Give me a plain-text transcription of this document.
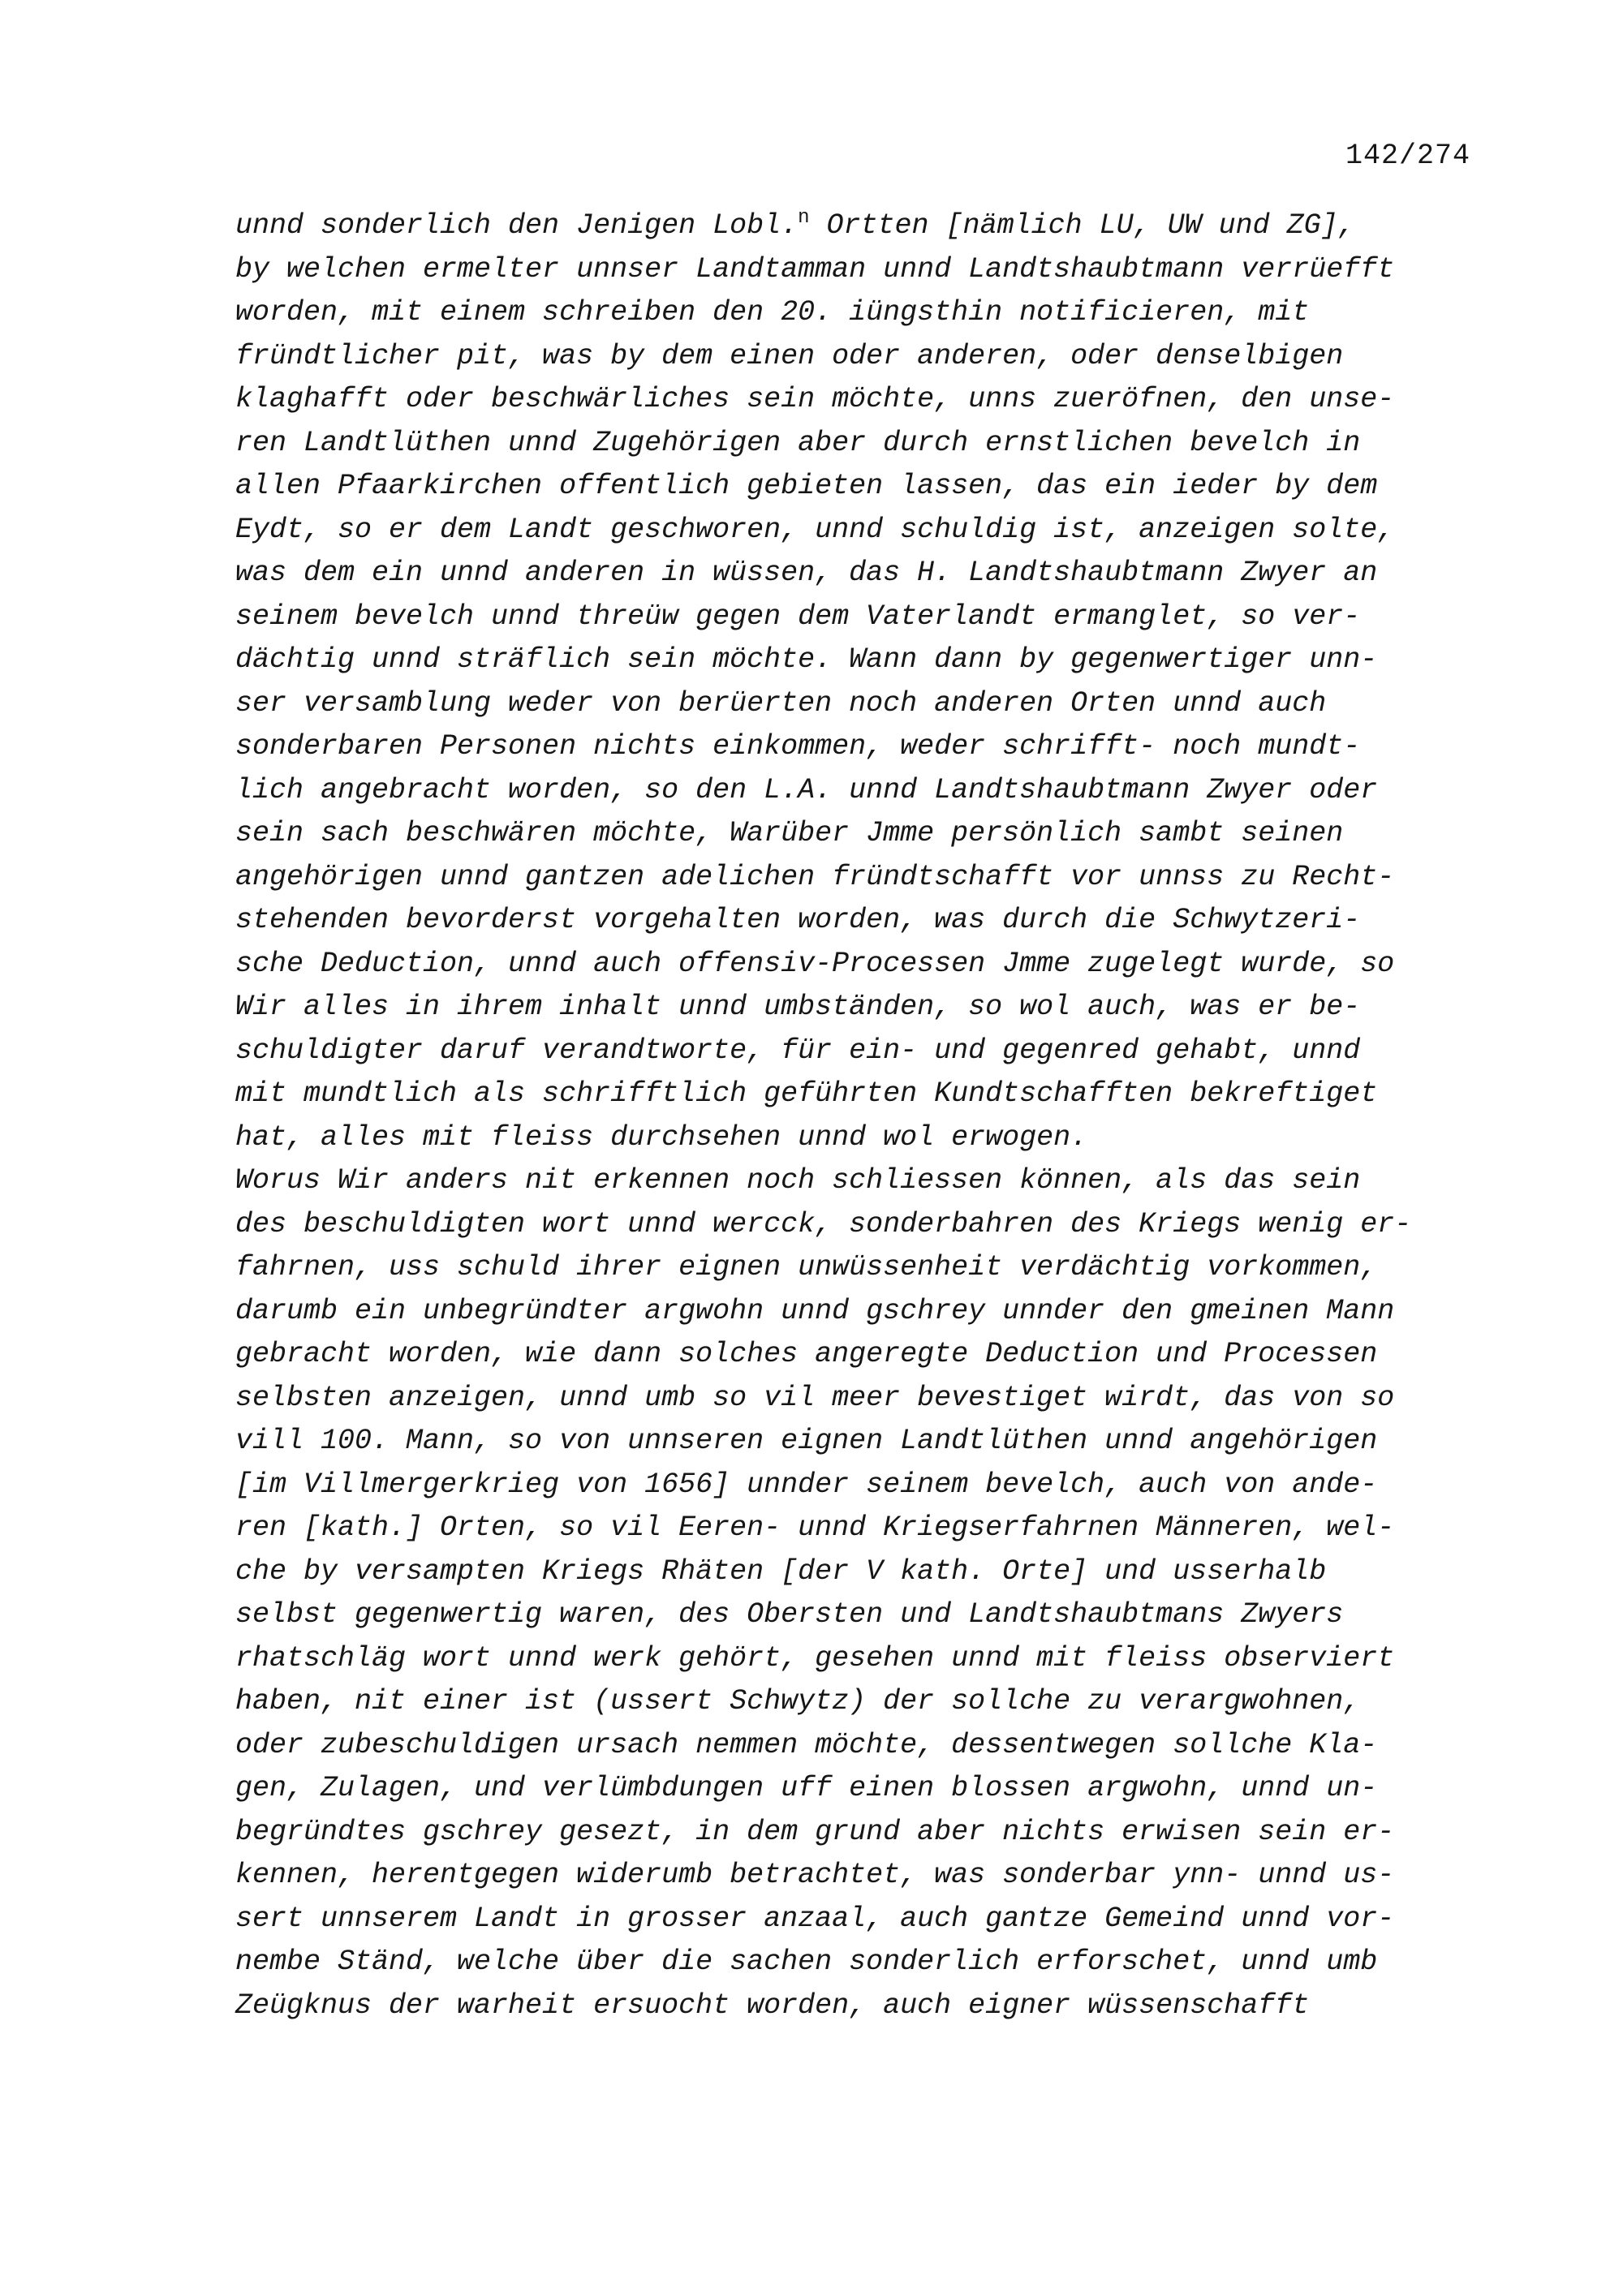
142/274
unnd sonderlich den Jenigen Lobl.$^n$ Ortten [nämlich LU, UW und ZG],
by welchen ermelter unnser Landtamman unnd Landtshaubtmann verrüefft
worden, mit einem schreiben den 20. iüngsthin notificieren, mit
fründtlicher pit, was by dem einen oder anderen, oder denselbigen
klaghafft oder beschwärliches sein möchte, unns zueröfnen, den unse-
ren Landtlüthen unnd Zugehörigen aber durch ernstlichen bevelch in
allen Pfaarkirchen offentlich gebieten lassen, das ein ieder by dem
Eydt, so er dem Landt geschworen, unnd schuldig ist, anzeigen solte,
was dem ein unnd anderen in wüssen, das H. Landtshaubtmann Zwyer an
seinem bevelch unnd threüw gegen dem Vaterlandt ermanglet, so ver-
dächtig unnd sträflich sein möchte. Wann dann by gegenwertiger unn-
ser versamblung weder von berüerten noch anderen Orten unnd auch
sonderbaren Personen nichts einkommen, weder schrifft- noch mundt-
lich angebracht worden, so den L.A. unnd Landtshaubtmann Zwyer oder
sein sach beschwären möchte, Warüber Jmme persönlich sambt seinen
angehörigen unnd gantzen adelichen fründtschafft vor unnss zu Recht-
stehenden bevorderst vorgehalten worden, was durch die Schwytzeri-
sche Deduction, unnd auch offensiv-Processen Jmme zugelegt wurde, so
Wir alles in ihrem inhalt unnd umbständen, so wol auch, was er be-
schuldigter daruf verandtworte, für ein- und gegenred gehabt, unnd
mit mundtlich als schrifftlich geführten Kundtschafften bekreftiget
hat, alles mit fleiss durchsehen unnd wol erwogen.
Worus Wir anders nit erkennen noch schliessen können, als das sein
des beschuldigten wort unnd wercck, sonderbahren des Kriegs wenig er-
fahrnen, uss schuld ihrer eignen unwüssenheit verdächtig vorkommen,
darumb ein unbegründter argwohn unnd gschrey unnder den gmeinen Mann
gebracht worden, wie dann solches angeregte Deduction und Processen
selbsten anzeigen, unnd umb so vil meer bevestiget wirdt, das von so
vill 100. Mann, so von unnseren eignen Landtlüthen unnd angehörigen
[im Villmergerkrieg von 1656] unnder seinem bevelch, auch von ande-
ren [kath.] Orten, so vil Eeren- unnd Kriegserfahrnen Männeren, wel-
che by versampten Kriegs Rhäten [der V kath. Orte] und usserhalb
selbst gegenwertig waren, des Obersten und Landtshaubtmans Zwyers
rhatschläg wort unnd werk gehört, gesehen unnd mit fleiss observiert
haben, nit einer ist (ussert Schwytz) der sollche zu verargwohnen,
oder zubeschuldigen ursach nemmen möchte, dessentwegen sollche Kla-
gen, Zulagen, und verlümbdungen uff einen blossen argwohn, unnd un-
begründtes gschrey gesezt, in dem grund aber nichts erwisen sein er-
kennen, herentgegen widerumb betrachtet, was sonderbar ynn- unnd us-
sert unnserem Landt in grosser anzaal, auch gantze Gemeind unnd vor-
nembe Ständ, welche über die sachen sonderlich erforschet, unnd umb
Zeügknus der warheit ersuocht worden, auch eigner wüssenschafft
